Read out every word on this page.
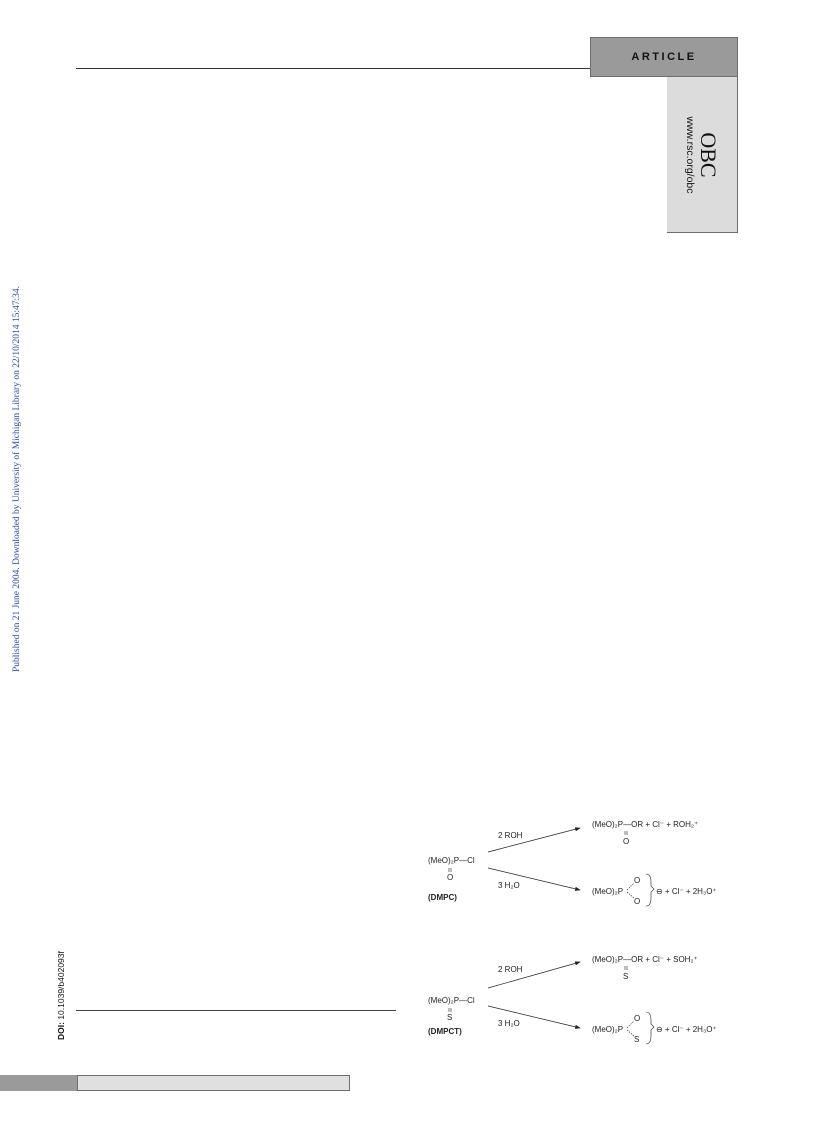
ARTICLE
OBC
www.rsc.org/obc
Published on 21 June 2004. Downloaded by University of Michigan Library on 22/10/2014 15:47:34.
DOI: 10.1039/b402093f
(MeO)₂P—Cl
O
(DMPC)
2 ROH
(MeO)₂P—OR + Cl⁻ + ROH₂⁺
O
3 H₂O
(MeO)₂P
O
O
⊖ + Cl⁻ + 2H₃O⁺
(MeO)₂P—Cl
S
(DMPCT)
2 ROH
(MeO)₂P—OR + Cl⁻ + SOH₂⁺
S
3 H₂O
(MeO)₂P
O
S
⊖ + Cl⁻ + 2H₃O⁺
